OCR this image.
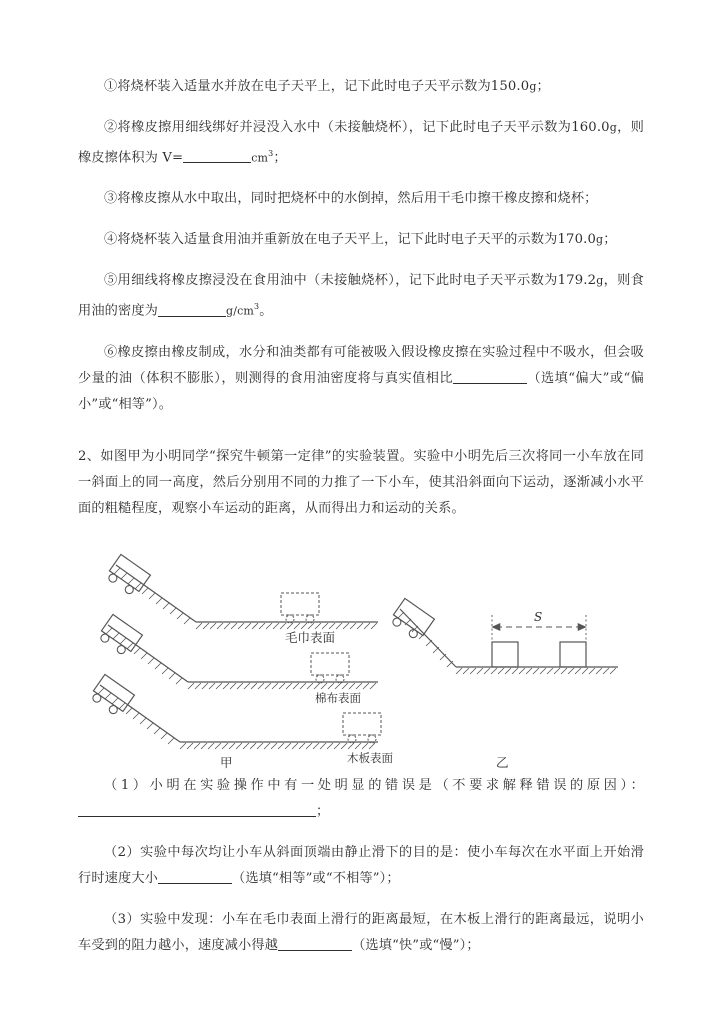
①将烧杯装入适量水并放在电子天平上，记下此时电子天平示数为150.0g；

②将橡皮擦用细线绑好并浸没入水中（未接触烧杯），记下此时电子天平示数为160.0g，则橡皮擦体积为 V=	$cm^3$；

③将橡皮擦从水中取出，同时把烧杯中的水倒掉，然后用干毛巾擦干橡皮擦和烧杯；

④将烧杯装入适量食用油并重新放在电子天平上，记下此时电子天平的示数为170.0g；

⑤用细线将橡皮擦浸没在食用油中（未接触烧杯），记下此时电子天平示数为179.2g，则食用油的密度为	$g/cm^3$。

⑥橡皮擦由橡皮制成，水分和油类都有可能被吸入假设橡皮擦在实验过程中不吸水，但会吸少量的油（体积不膨胀），则测得的食用油密度将与真实值相比	（选填“偏大”或“偏小”或“相等”）。

2、如图甲为小明同学“探究牛顿第一定律”的实验装置。实验中小明先后三次将同一小车放在同一斜面上的同一高度，然后分别用不同的力推了一下小车，使其沿斜面向下运动，逐渐减小水平面的粗糙程度，观察小车运动的距离，从而得出力和运动的关系。

毛巾表面
棉布表面
木板表面
甲
S
乙

（1）小明在实验操作中有一处明显的错误是（不要求解释错误的原因）：；

（2）实验中每次均让小车从斜面顶端由静止滑下的目的是：使小车每次在水平面上开始滑行时速度大小	（选填“相等”或“不相等”）；

（3）实验中发现：小车在毛巾表面上滑行的距离最短，在木板上滑行的距离最远，说明小车受到的阻力越小，速度减小得越	（选填“快”或“慢”）；
